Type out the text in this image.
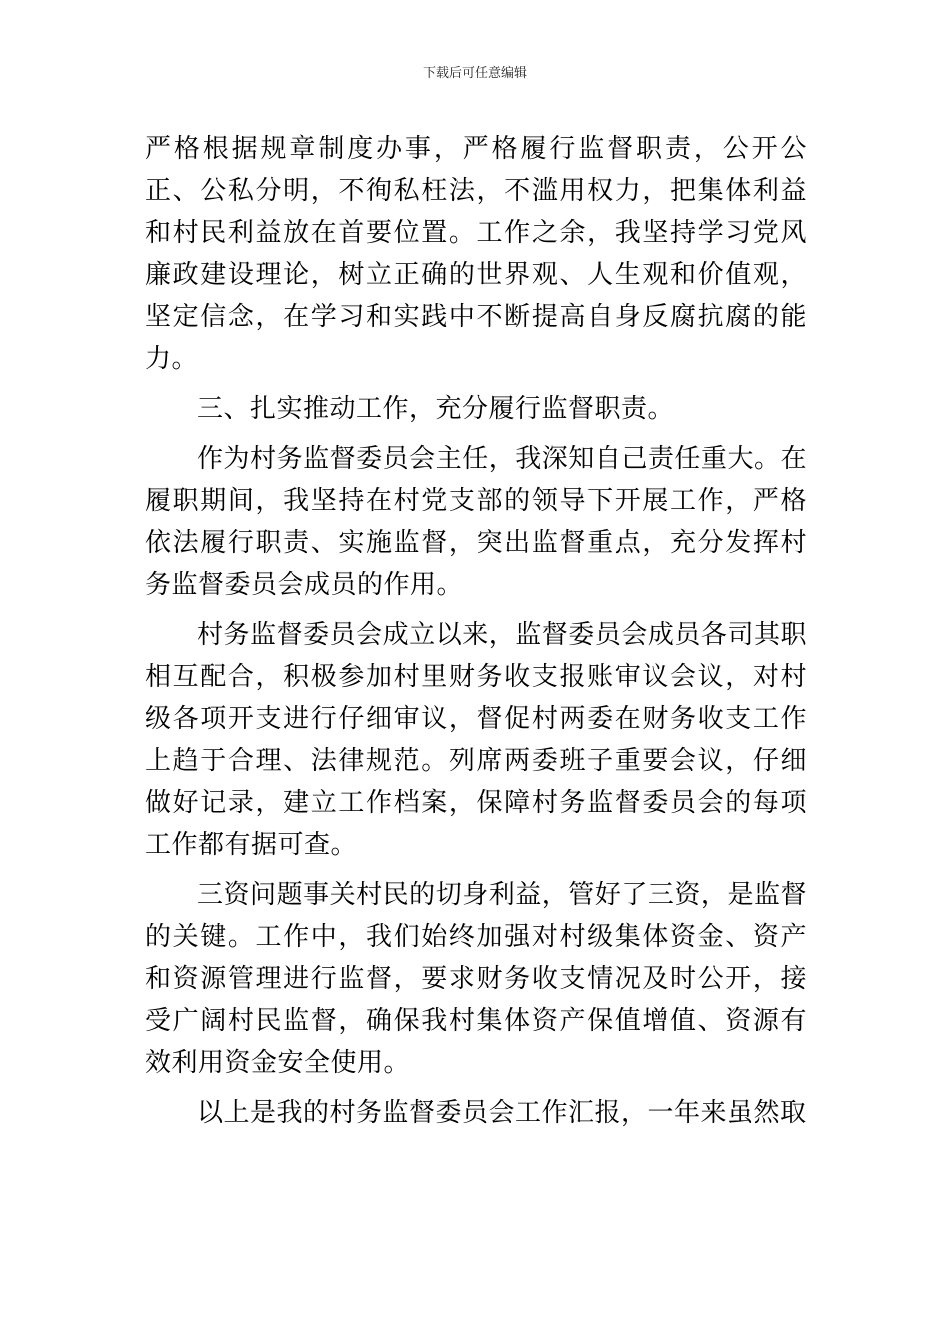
下载后可任意编辑

严格根据规章制度办事，严格履行监督职责，公开公正、公私分明，不徇私枉法，不滥用权力，把集体利益和村民利益放在首要位置。工作之余，我坚持学习党风廉政建设理论，树立正确的世界观、人生观和价值观，坚定信念，在学习和实践中不断提高自身反腐抗腐的能力。

三、扎实推动工作，充分履行监督职责。

作为村务监督委员会主任，我深知自己责任重大。在履职期间，我坚持在村党支部的领导下开展工作，严格依法履行职责、实施监督，突出监督重点，充分发挥村务监督委员会成员的作用。

村务监督委员会成立以来，监督委员会成员各司其职相互配合，积极参加村里财务收支报账审议会议，对村级各项开支进行仔细审议，督促村两委在财务收支工作上趋于合理、法律规范。列席两委班子重要会议，仔细做好记录，建立工作档案，保障村务监督委员会的每项工作都有据可查。

三资问题事关村民的切身利益，管好了三资，是监督的关键。工作中，我们始终加强对村级集体资金、资产和资源管理进行监督，要求财务收支情况及时公开，接受广阔村民监督，确保我村集体资产保值增值、资源有效利用资金安全使用。

以上是我的村务监督委员会工作汇报，一年来虽然取
